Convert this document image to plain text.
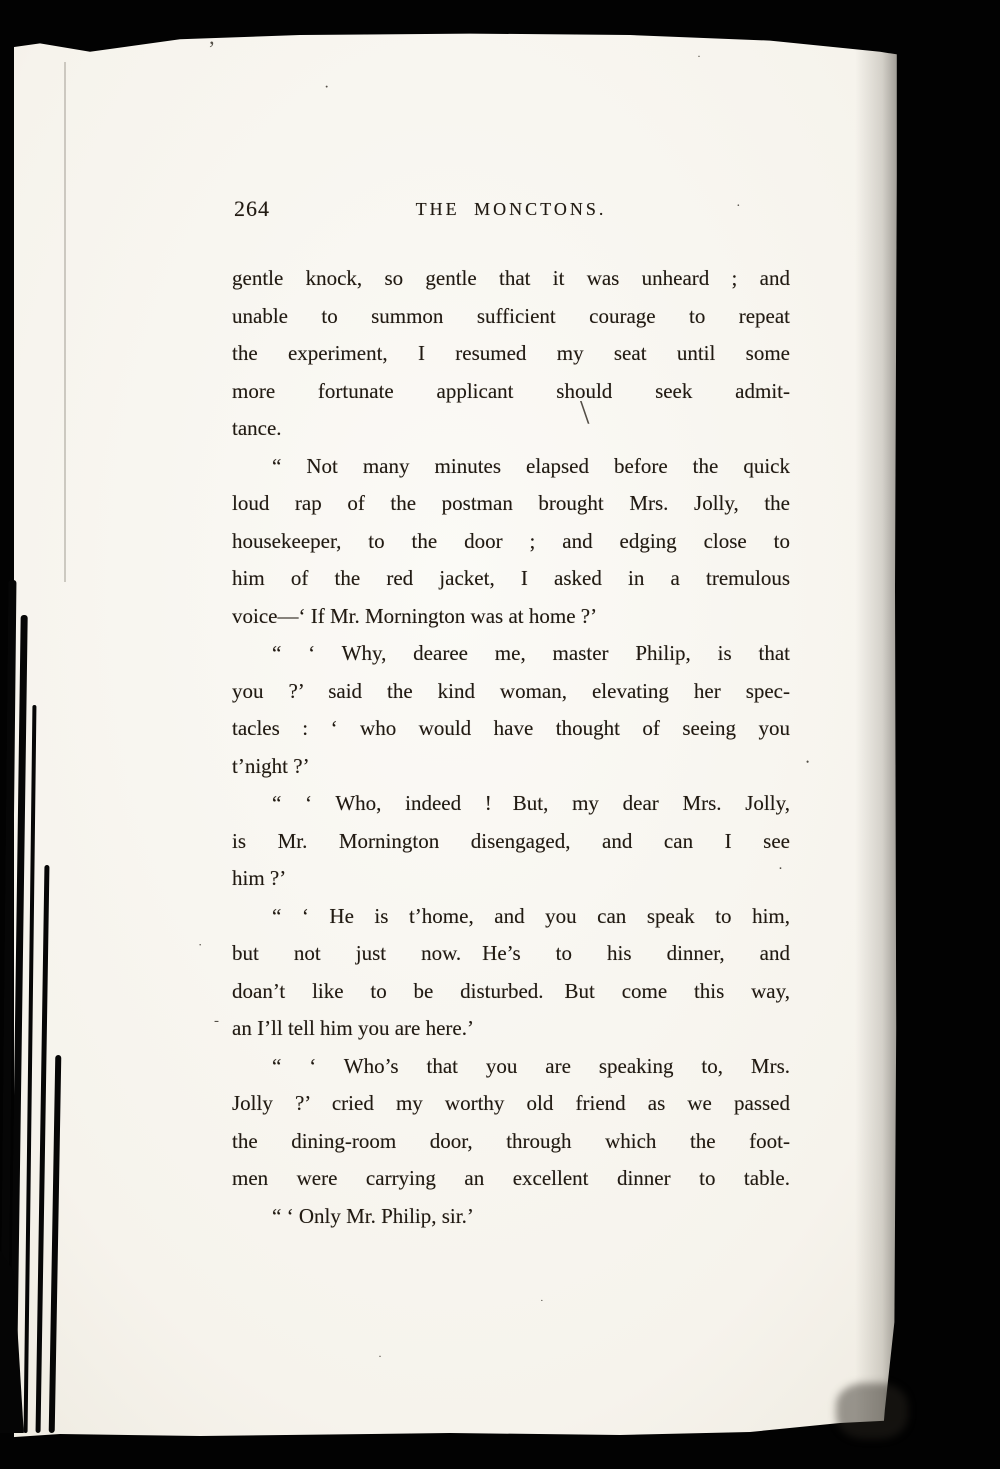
264	THE MONCTONS.
gentle knock, so gentle that it was unheard ; and
unable to summon sufficient courage to repeat
the experiment, I resumed my seat until some
more fortunate applicant should seek admit-
tance.
“ Not many minutes elapsed before the quick
loud rap of the postman brought Mrs. Jolly, the
housekeeper, to the door ; and edging close to
him of the red jacket, I asked in a tremulous
voice—‘ If Mr. Mornington was at home ?’
“ ‘ Why, dearee me, master Philip, is that
you ?’ said the kind woman, elevating her spec-
tacles : ‘ who would have thought of seeing you
t’night ?’
“ ‘ Who, indeed ! But, my dear Mrs. Jolly,
is Mr. Mornington disengaged, and can I see
him ?’
“ ‘ He is t’home, and you can speak to him,
but not just now. He’s to his dinner, and
doan’t like to be disturbed. But come this way,
an I’ll tell him you are here.’
“ ‘ Who’s that you are speaking to, Mrs.
Jolly ?’ cried my worthy old friend as we passed
the dining-room door, through which the foot-
men were carrying an excellent dinner to table.
“ ‘ Only Mr. Philip, sir.’
’
·
·
·
\
•
·
·
-
·
·
